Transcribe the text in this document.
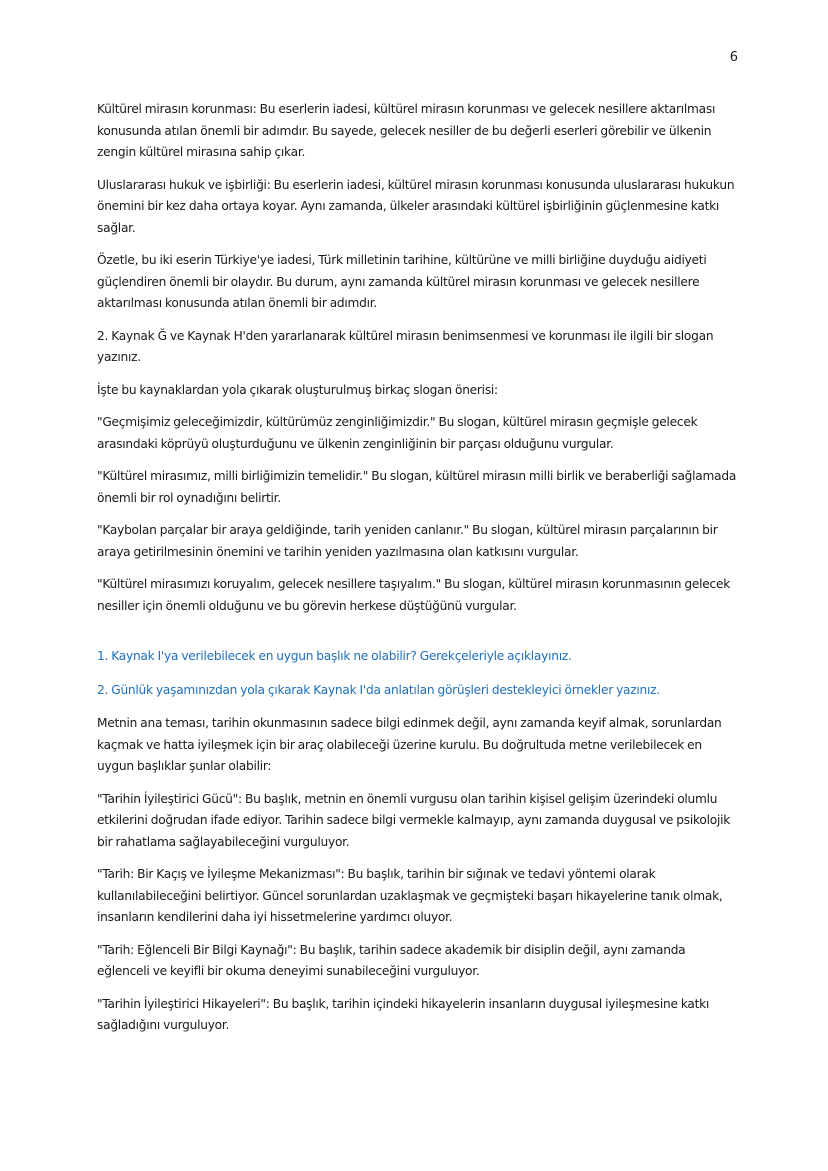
6

Kültürel mirasın korunması: Bu eserlerin iadesi, kültürel mirasın korunması ve gelecek nesillere aktarılması konusunda atılan önemli bir adımdır. Bu sayede, gelecek nesiller de bu değerli eserleri görebilir ve ülkenin zengin kültürel mirasına sahip çıkar.

Uluslararası hukuk ve işbirliği: Bu eserlerin iadesi, kültürel mirasın korunması konusunda uluslararası hukukun önemini bir kez daha ortaya koyar. Aynı zamanda, ülkeler arasındaki kültürel işbirliğinin güçlenmesine katkı sağlar.

Özetle, bu iki eserin Türkiye'ye iadesi, Türk milletinin tarihine, kültürüne ve milli birliğine duyduğu aidiyeti güçlendiren önemli bir olaydır. Bu durum, aynı zamanda kültürel mirasın korunması ve gelecek nesillere aktarılması konusunda atılan önemli bir adımdır.

2. Kaynak Ğ ve Kaynak H'den yararlanarak kültürel mirasın benimsenmesi ve korunması ile ilgili bir slogan yazınız.

İşte bu kaynaklardan yola çıkarak oluşturulmuş birkaç slogan önerisi:

"Geçmişimiz geleceğimizdir, kültürümüz zenginliğimizdir." Bu slogan, kültürel mirasın geçmişle gelecek arasındaki köprüyü oluşturduğunu ve ülkenin zenginliğinin bir parçası olduğunu vurgular.

"Kültürel mirasımız, milli birliğimizin temelidir." Bu slogan, kültürel mirasın milli birlik ve beraberliği sağlamada önemli bir rol oynadığını belirtir.

"Kaybolan parçalar bir araya geldiğinde, tarih yeniden canlanır." Bu slogan, kültürel mirasın parçalarının bir araya getirilmesinin önemini ve tarihin yeniden yazılmasına olan katkısını vurgular.

"Kültürel mirasımızı koruyalım, gelecek nesillere taşıyalım." Bu slogan, kültürel mirasın korunmasının gelecek nesiller için önemli olduğunu ve bu görevin herkese düştüğünü vurgular.

1. Kaynak I'ya verilebilecek en uygun başlık ne olabilir? Gerekçeleriyle açıklayınız.

2. Günlük yaşamınızdan yola çıkarak Kaynak I'da anlatılan görüşleri destekleyici örnekler yazınız.

Metnin ana teması, tarihin okunmasının sadece bilgi edinmek değil, aynı zamanda keyif almak, sorunlardan kaçmak ve hatta iyileşmek için bir araç olabileceği üzerine kurulu. Bu doğrultuda metne verilebilecek en uygun başlıklar şunlar olabilir:

"Tarihin İyileştirici Gücü": Bu başlık, metnin en önemli vurgusu olan tarihin kişisel gelişim üzerindeki olumlu etkilerini doğrudan ifade ediyor. Tarihin sadece bilgi vermekle kalmayıp, aynı zamanda duygusal ve psikolojik bir rahatlama sağlayabileceğini vurguluyor.

"Tarih: Bir Kaçış ve İyileşme Mekanizması": Bu başlık, tarihin bir sığınak ve tedavi yöntemi olarak kullanılabileceğini belirtiyor. Güncel sorunlardan uzaklaşmak ve geçmişteki başarı hikayelerine tanık olmak, insanların kendilerini daha iyi hissetmelerine yardımcı oluyor.

"Tarih: Eğlenceli Bir Bilgi Kaynağı": Bu başlık, tarihin sadece akademik bir disiplin değil, aynı zamanda eğlenceli ve keyifli bir okuma deneyimi sunabileceğini vurguluyor.

"Tarihin İyileştirici Hikayeleri": Bu başlık, tarihin içindeki hikayelerin insanların duygusal iyileşmesine katkı sağladığını vurguluyor.
